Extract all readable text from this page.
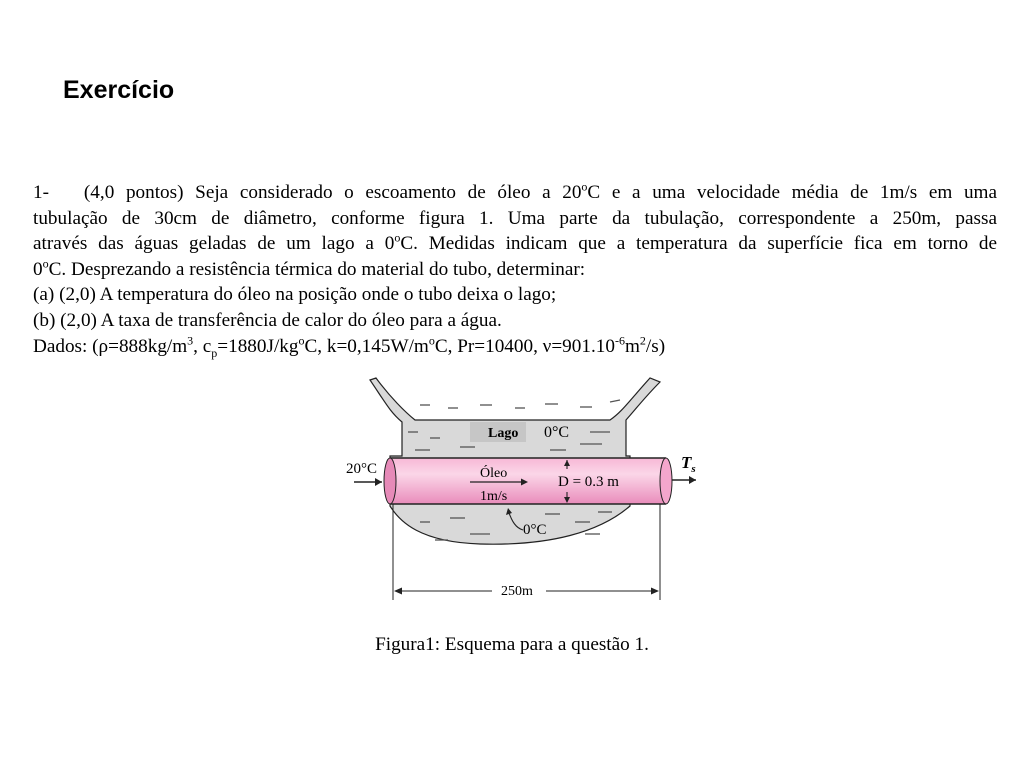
Exercício

1- (4,0 pontos) Seja considerado o escoamento de óleo a 20$^o$C e a uma velocidade média de 1m/s em uma

tubulação de 30cm de diâmetro, conforme figura 1. Uma parte da tubulação, correspondente a 250m, passa

através das águas geladas de um lago a 0$^o$C. Medidas indicam que a temperatura da superfície fica em torno de

0$^o$C. Desprezando a resistência térmica do material do tubo, determinar:

(a) (2,0) A temperatura do óleo na posição onde o tubo deixa o lago;

(b) (2,0) A taxa de transferência de calor do óleo para a água.

Dados: ($\rho=888kg/m^3$, $c_p=1880J/kg^oC$, $k=0,145W/m^oC$, Pr=10400, $\nu=901.10^{-6}m^2/s$)

Lago 0°C
20°C	$T_s$
Óleo
1m/s
D = 0.3 m
0°C
250m

Figura1: Esquema para a questão 1.
